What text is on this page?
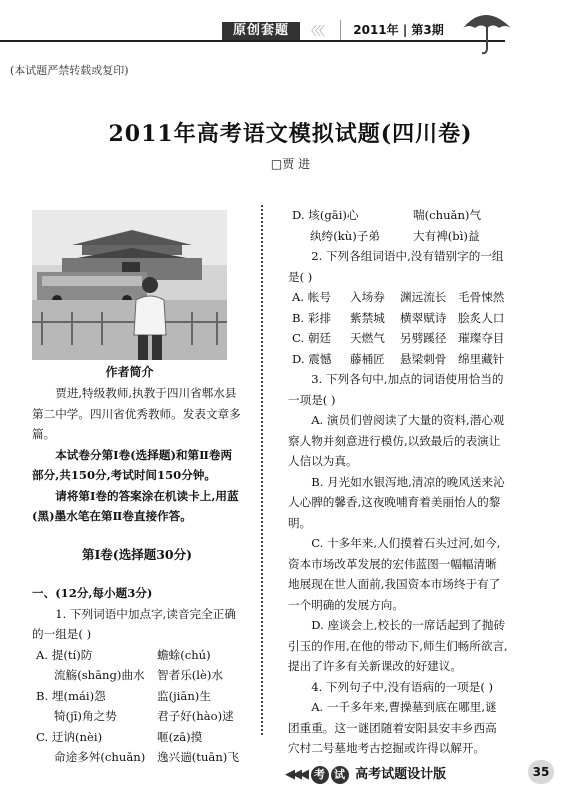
原创套题	〈〈〈	2011年 | 第3期
(本试题严禁转载或复印)
2011年高考语文模拟试题(四川卷)
□贾 进
作者简介

贾进,特级教师,执教于四川省郫水县第二中学。四川省优秀教师。发表文章多篇。

本试卷分第Ⅰ卷(选择题)和第Ⅱ卷两部分,共150分,考试时间150分钟。

请将第Ⅰ卷的答案涂在机读卡上,用蓝(黑)墨水笔在第Ⅱ卷直接作答。

第Ⅰ卷(选择题30分)
一、(12分,每小题3分)

1. 下列词语中加点字,读音完全正确的一组是( )

A. 提(tí)防	蟾蜍(chú)
流觞(shāng)曲水 智者乐(lè)水
B. 埋(mái)怨	监(jiān)生
犄(jī)角之势	君子好(hào)逑
C. 迂讷(nèi)	咂(zā)摸
命途多舛(chuǎn) 逸兴遄(tuān)飞
D. 垓(gāi)心	喘(chuǎn)气
纨绔(kù)子弟	大有裨(bì)益

2. 下列各组词语中,没有错别字的一组是( )

A. 帐号 入场券 渊远流长 毛骨悚然
B. 彩排 紫禁城 横翠赋诗 脍炙人口
C. 朝廷 天燃气 另劈蹊径 璀璨夺目
D. 震憾 藤桶匠 悬梁刺骨 绵里藏针

3. 下列各句中,加点的词语使用恰当的一项是( )

A. 演员们曾阅读了大量的资料,潜心观察人物并刻意进行模仿,以致最后的表演让人信以为真。

B. 月光如水银泻地,清凉的晚风送来沁人心脾的馨香,这夜晚哺育着美丽怡人的黎明。

C. 十多年来,人们摸着石头过河,如今,资本市场改革发展的宏伟蓝图一幅幅清晰地展现在世人面前,我国资本市场终于有了一个明确的发展方向。

D. 座谈会上,校长的一席话起到了抛砖引玉的作用,在他的带动下,师生们畅所欲言,提出了许多有关新课改的好建议。

4. 下列句子中,没有语病的一项是( )

A. 一千多年来,曹操墓到底在哪里,谜团重重。这一谜团随着安阳县安丰乡西高穴村二号墓地考古挖掘或许得以解开。

◀◀◀ 考 试 高考试题设计版	35
